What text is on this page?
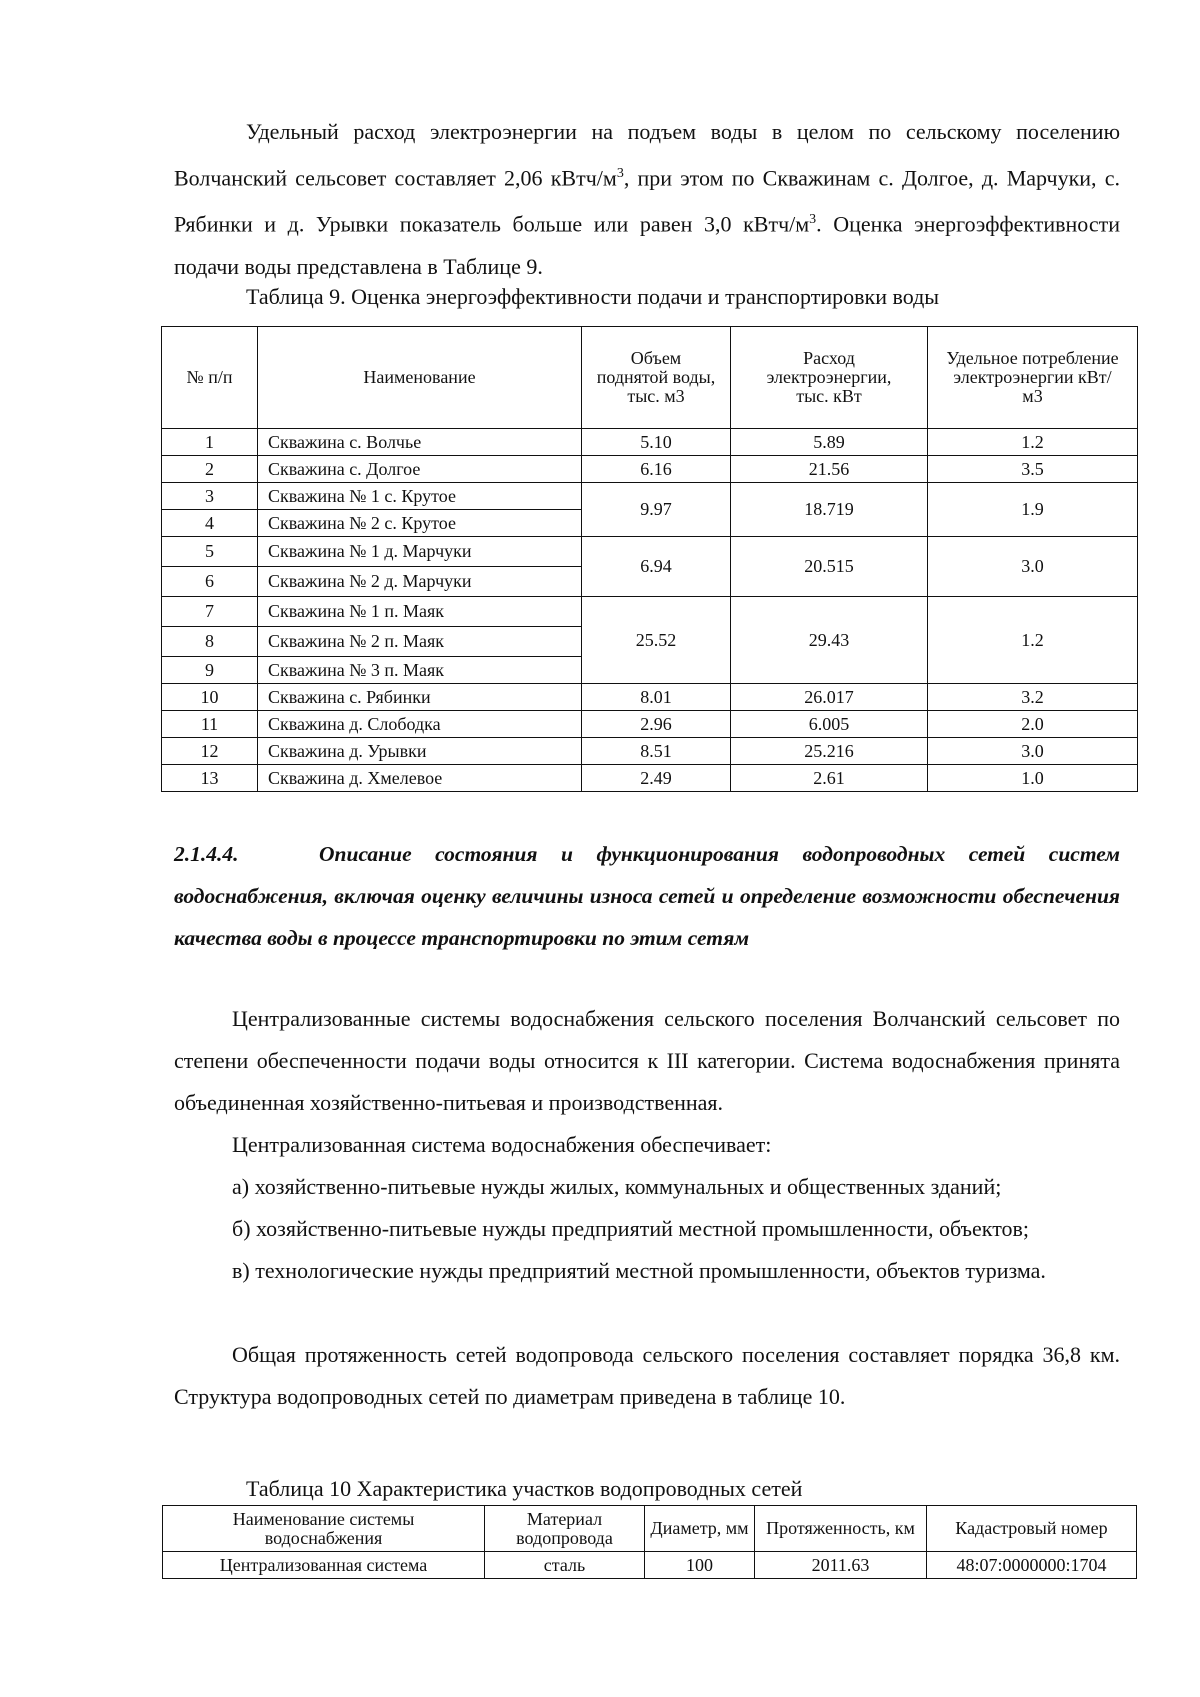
Удельный расход электроэнергии на подъем воды в целом по сельскому поселению Волчанский сельсовет составляет 2,06 кВтч/$м^3$, при этом по Скважинам с. Долгое, д. Марчуки, с. Рябинки и д. Урывки показатель больше или равен 3,0 кВтч/$м^3$. Оценка энергоэффективности подачи воды представлена в Таблице 9.

Таблица 9. Оценка энергоэффективности подачи и транспортировки воды
№ п/п	Наименование	Объем поднятой воды, тыс. м3	Расход электроэнергии, тыс. кВт	Удельное потребление электроэнергии кВт/м3
1	Скважина с. Волчье	5.10	5.89	1.2
2	Скважина с. Долгое	6.16	21.56	3.5
3	Скважина № 1 с. Крутое	9.97	18.719	1.9
4	Скважина № 2 с. Крутое			
5	Скважина № 1 д. Марчуки	6.94	20.515	3.0
6	Скважина № 2 д. Марчуки			
7	Скважина № 1 п. Маяк	25.52	29.43	1.2
8	Скважина № 2 п. Маяк			
9	Скважина № 3 п. Маяк			
10	Скважина с. Рябинки	8.01	26.017	3.2
11	Скважина д. Слободка	2.96	6.005	2.0
12	Скважина д. Урывки	8.51	25.216	3.0
13	Скважина д. Хмелевое	2.49	2.61	1.0
2.1.4.4.	Описание состояния и функционирования водопроводных сетей систем водоснабжения, включая оценку величины износа сетей и определение возможности обеспечения качества воды в процессе транспортировки по этим сетям

Централизованные системы водоснабжения сельского поселения Волчанский сельсовет по степени обеспеченности подачи воды относится к III категории. Система водоснабжения принята объединенная хозяйственно-питьевая и производственная.

Централизованная система водоснабжения обеспечивает:

а) хозяйственно-питьевые нужды жилых, коммунальных и общественных зданий;

б) хозяйственно-питьевые нужды предприятий местной промышленности, объектов;

в) технологические нужды предприятий местной промышленности, объектов туризма.

Общая протяженность сетей водопровода сельского поселения составляет порядка 36,8 км. Структура водопроводных сетей по диаметрам приведена в таблице 10.

Таблица 10 Характеристика участков водопроводных сетей
Наименование системы водоснабжения	Материал водопровода	Диаметр, мм	Протяженность, км	Кадастровый номер
Централизованная система	сталь	100	2011.63	48:07:0000000:1704
